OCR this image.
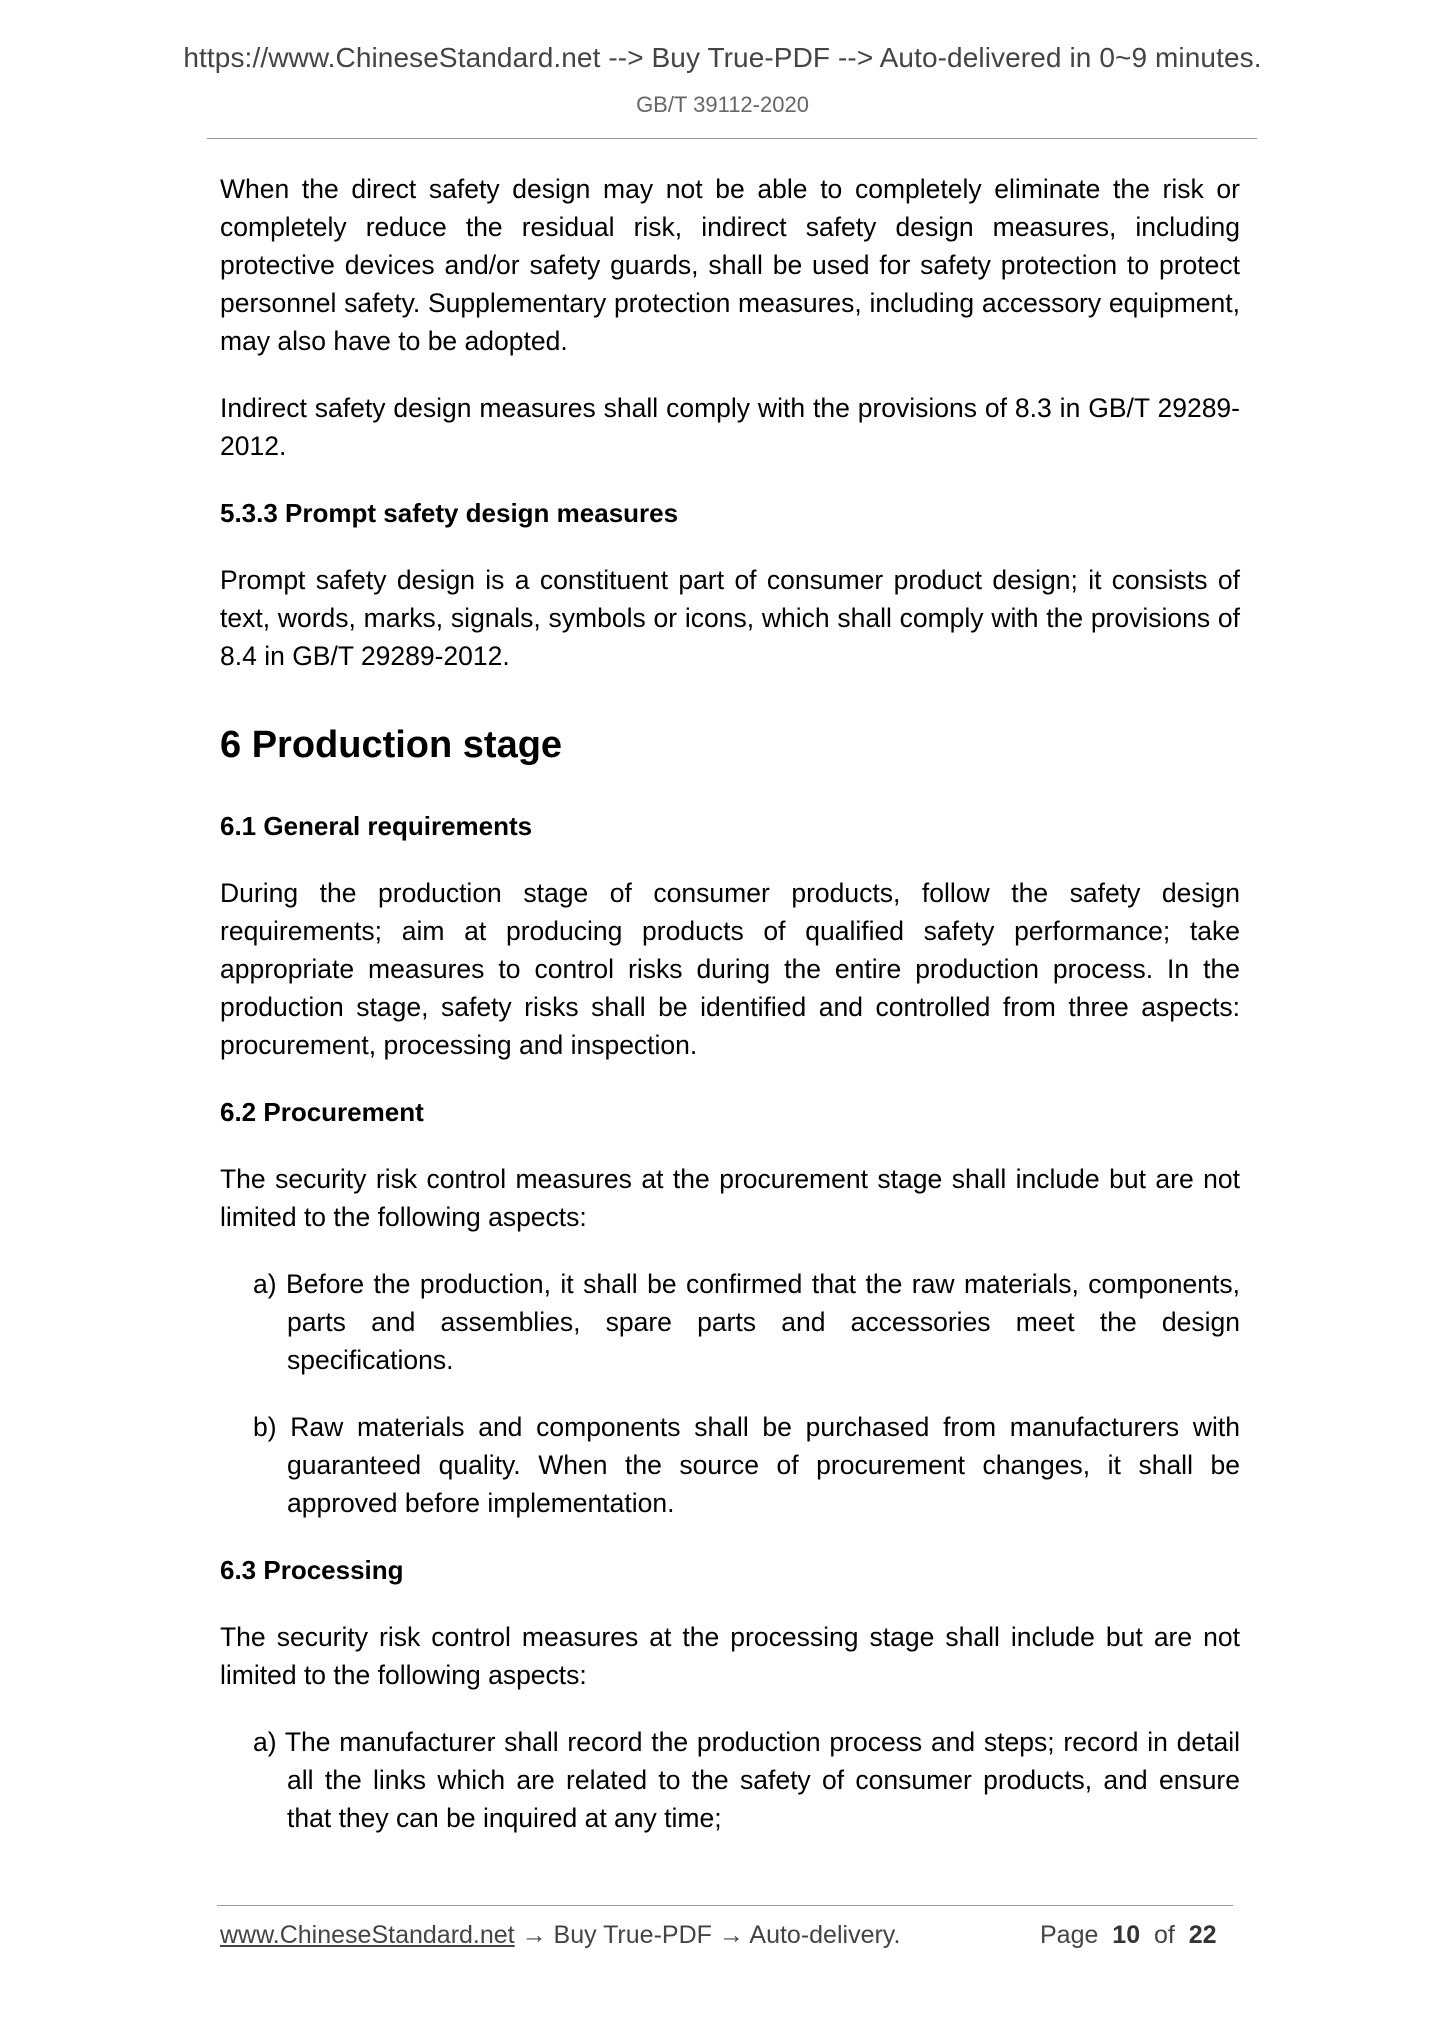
https://www.ChineseStandard.net --> Buy True-PDF --> Auto-delivered in 0~9 minutes.
GB/T 39112-2020

When the direct safety design may not be able to completely eliminate the risk or completely reduce the residual risk, indirect safety design measures, including protective devices and/or safety guards, shall be used for safety protection to protect personnel safety. Supplementary protection measures, including accessory equipment, may also have to be adopted.

Indirect safety design measures shall comply with the provisions of 8.3 in GB/T 29289-2012.

5.3.3 Prompt safety design measures

Prompt safety design is a constituent part of consumer product design; it consists of text, words, marks, signals, symbols or icons, which shall comply with the provisions of 8.4 in GB/T 29289-2012.

6 Production stage
6.1 General requirements

During the production stage of consumer products, follow the safety design requirements; aim at producing products of qualified safety performance; take appropriate measures to control risks during the entire production process. In the production stage, safety risks shall be identified and controlled from three aspects: procurement, processing and inspection.

6.2 Procurement

The security risk control measures at the procurement stage shall include but are not limited to the following aspects:

a) Before the production, it shall be confirmed that the raw materials, components, parts and assemblies, spare parts and accessories meet the design specifications.

b) Raw materials and components shall be purchased from manufacturers with guaranteed quality. When the source of procurement changes, it shall be approved before implementation.

6.3 Processing

The security risk control measures at the processing stage shall include but are not limited to the following aspects:

a) The manufacturer shall record the production process and steps; record in detail all the links which are related to the safety of consumer products, and ensure that they can be inquired at any time;

www.ChineseStandard.net → Buy True-PDF → Auto-delivery.	Page 10 of 22
